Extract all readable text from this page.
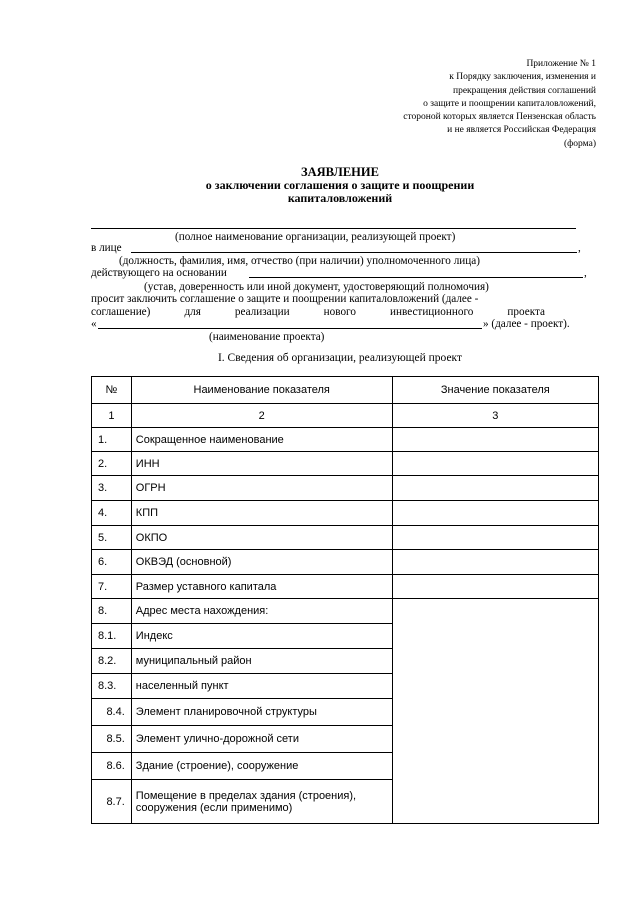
Приложение № 1
к Порядку заключения, изменения и
прекращения действия соглашений
о защите и поощрении капиталовложений,
стороной которых является Пензенская область
и не является Российская Федерация
(форма)
ЗАЯВЛЕНИЕ
о заключении соглашения о защите и поощрении
капиталовложений
(полное наименование организации, реализующей проект)
в лице	,
(должность, фамилия, имя, отчество (при наличии) уполномоченного лица)
действующего на основании	,
(устав, доверенность или иной документ, удостоверяющий полномочия)
просит заключить соглашение о защите и поощрении капиталовложений (далее -
соглашение)	для	реализации	нового	инвестиционного	проекта
«	» (далее - проект).
(наименование проекта)
I. Сведения об организации, реализующей проект
№	Наименование показателя	Значение показателя
1	2	3
1.	Сокращенное наименование	
2.	ИНН	
3.	ОГРН	
4.	КПП	
5.	ОКПО	
6.	ОКВЭД (основной)	
7.	Размер уставного капитала	
8.	Адрес места нахождения:	
8.1.	Индекс	
8.2.	муниципальный район	
8.3.	населенный пункт	
8.4.	Элемент планировочной структуры	
8.5.	Элемент улично-дорожной сети	
8.6.	Здание (строение), сооружение	
8.7.	Помещение в пределах здания (строения), сооружения (если применимо)	
